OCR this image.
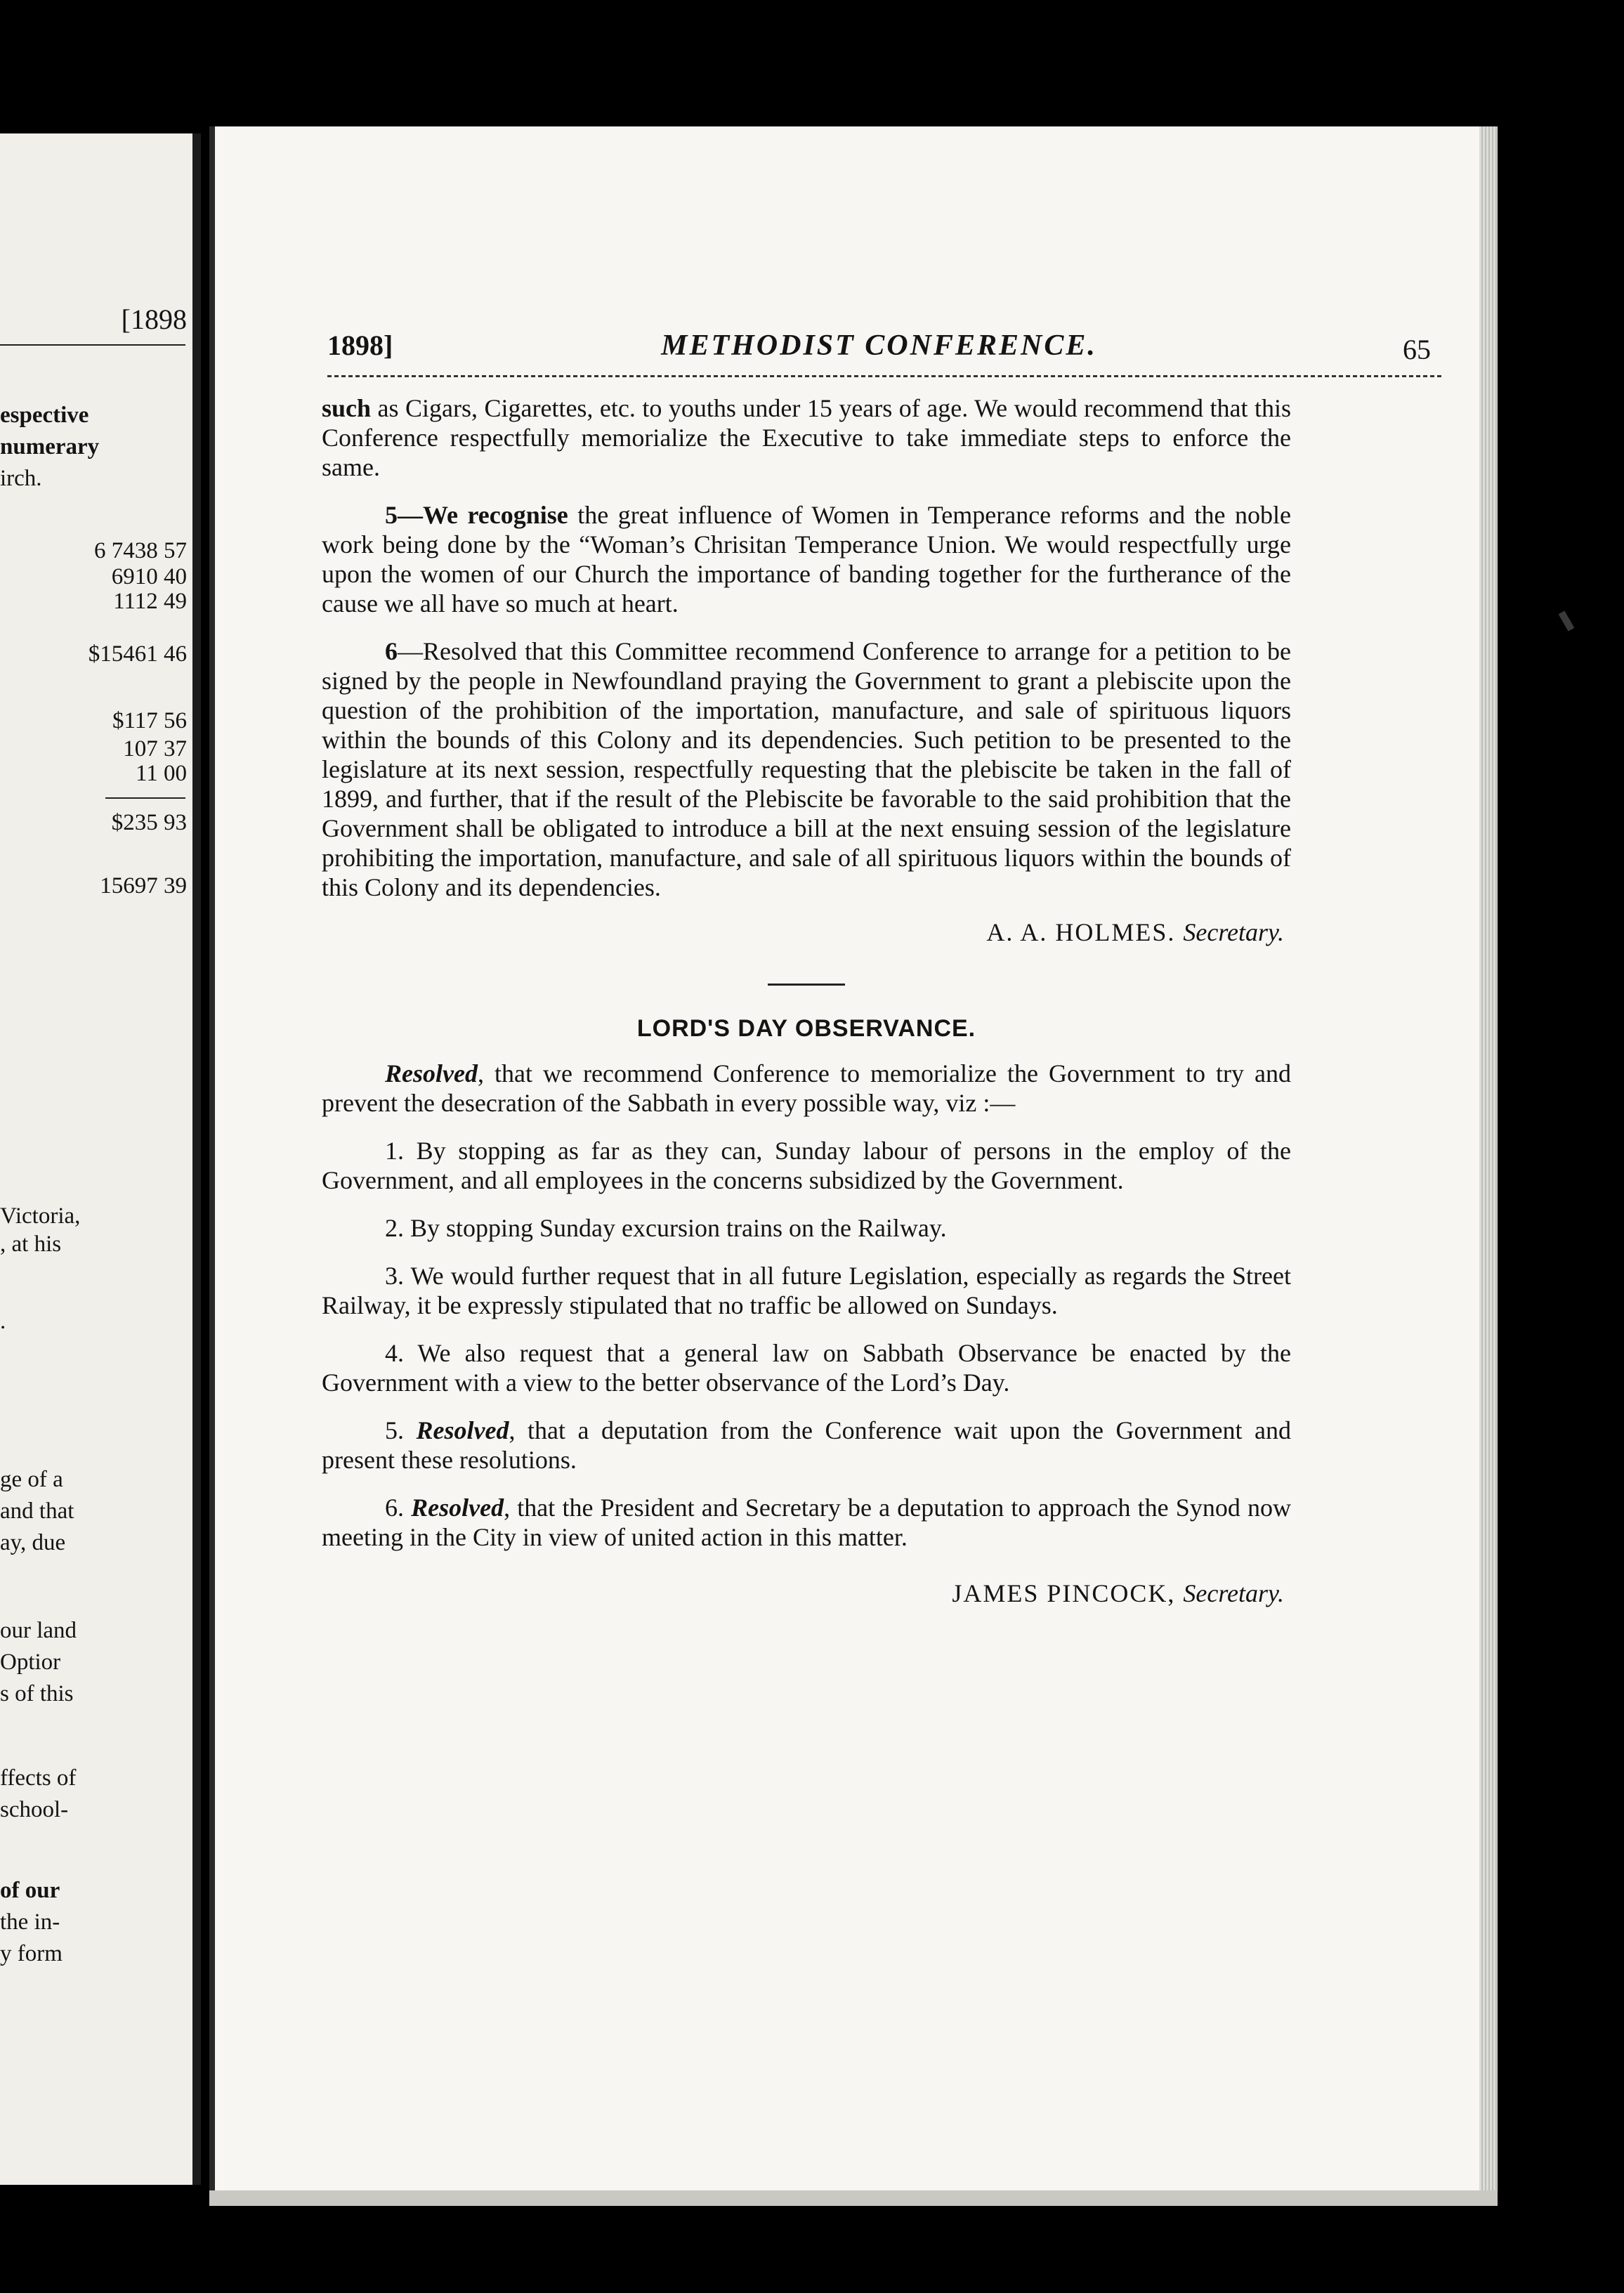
[1898
espective
numerary
irch.
6 7438 57
6910 40
1112 49
$15461 46
$117 56
107 37
11 00
$235 93
15697 39
Victoria,
, at his
.
ge of a
and that
ay, due
our land
Optior
s of this
ffects of
school-
of our
the in-
y form
1898]	METHODIST CONFERENCE.	65

such as Cigars, Cigarettes, etc. to youths under 15 years of age. We would recommend that this Conference respectfully memorialize the Executive to take immediate steps to enforce the same.

5—We recognise the great influence of Women in Temperance reforms and the noble work being done by the “Woman’s Chrisitan Temperance Union. We would respectfully urge upon the women of our Church the importance of banding together for the furtherance of the cause we all have so much at heart.

6—Resolved that this Committee recommend Conference to arrange for a petition to be signed by the people in Newfoundland praying the Government to grant a plebiscite upon the question of the prohibition of the importation, manufacture, and sale of spirituous liquors within the bounds of this Colony and its dependencies. Such petition to be presented to the legislature at its next session, respectfully requesting that the plebiscite be taken in the fall of 1899, and further, that if the result of the Plebiscite be favorable to the said prohibition that the Government shall be obligated to introduce a bill at the next ensuing session of the legislature prohibiting the importation, manufacture, and sale of all spirituous liquors within the bounds of this Colony and its dependencies.

A. A. HOLMES. Secretary.
LORD'S DAY OBSERVANCE.

Resolved, that we recommend Conference to memorialize the Government to try and prevent the desecration of the Sabbath in every possible way, viz :—

1. By stopping as far as they can, Sunday labour of persons in the employ of the Government, and all employees in the concerns subsidized by the Government.

2. By stopping Sunday excursion trains on the Railway.

3. We would further request that in all future Legislation, especially as regards the Street Railway, it be expressly stipulated that no traffic be allowed on Sundays.

4. We also request that a general law on Sabbath Observance be enacted by the Government with a view to the better observance of the Lord’s Day.

5. Resolved, that a deputation from the Conference wait upon the Government and present these resolutions.

6. Resolved, that the President and Secretary be a deputation to approach the Synod now meeting in the City in view of united action in this matter.

JAMES PINCOCK, Secretary.
